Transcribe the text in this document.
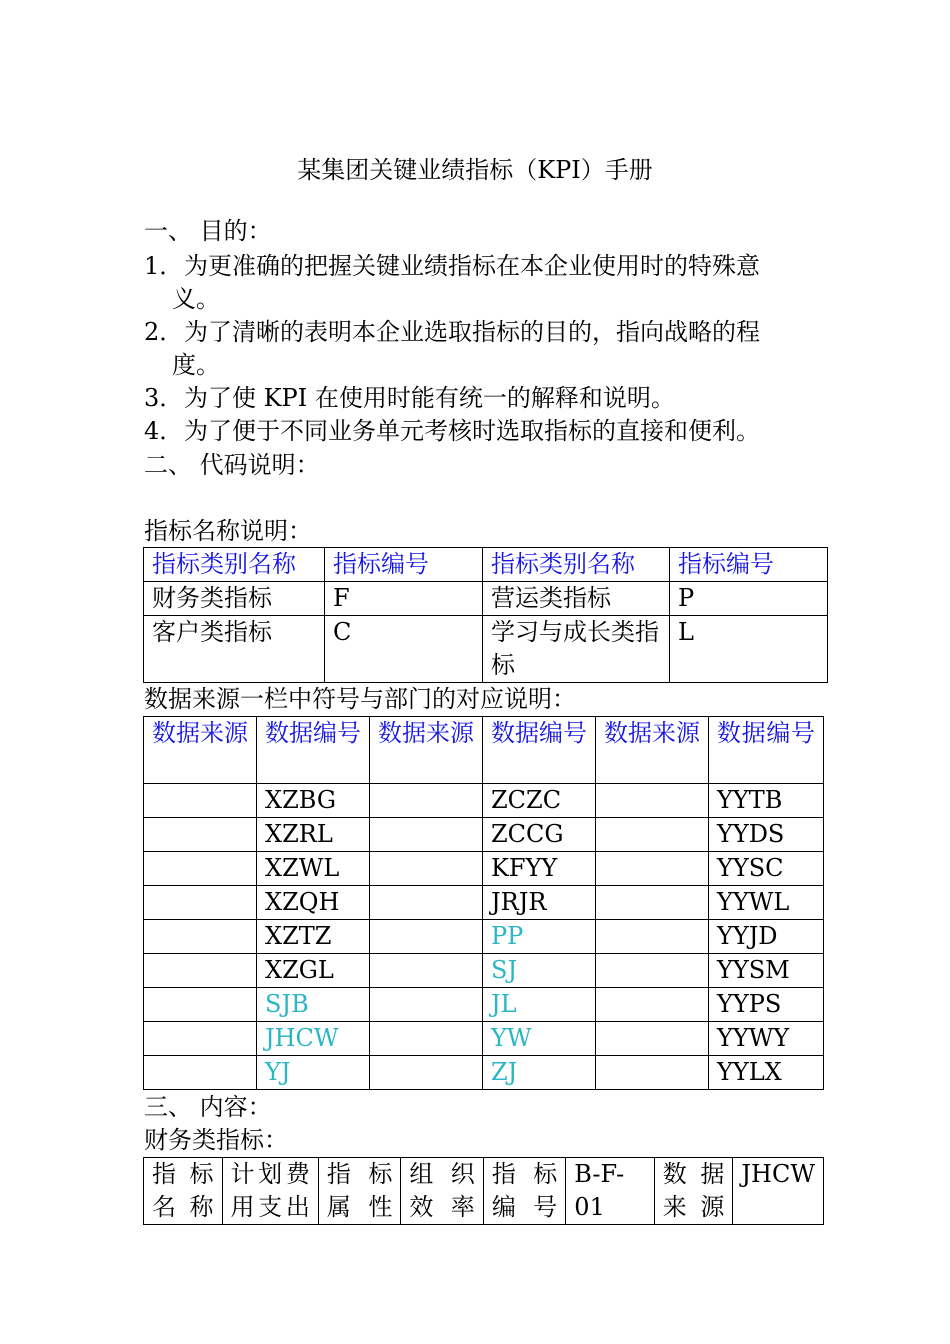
某集团关键业绩指标（KPI）手册
一、 目的：
1．为更准确的把握关键业绩指标在本企业使用时的特殊意
义。
2．为了清晰的表明本企业选取指标的目的，指向战略的程
度。
3．为了使 KPI 在使用时能有统一的解释和说明。
4．为了便于不同业务单元考核时选取指标的直接和便利。
二、 代码说明：
指标名称说明：
指标类别名称	指标编号	指标类别名称	指标编号
财务类指标	F	营运类指标	P
客户类指标	C	学习与成长类指标	L
数据来源一栏中符号与部门的对应说明：
数据来源	数据编号	数据来源	数据编号	数据来源	数据编号
	XZBG		ZCZC		YYTB
	XZRL		ZCCG		YYDS
	XZWL		KFYY		YYSC
	XZQH		JRJR		YYWL
	XZTZ		PP		YYJD
	XZGL		SJ		YYSM
	SJB		JL		YYPS
	JHCW		YW		YYWY
	YJ		ZJ		YYLX
三、 内容：
财务类指标：
指标名称	计划费用支出	指标属性	组织效率	指标编号	B-F-01	数据来源	JHCW
